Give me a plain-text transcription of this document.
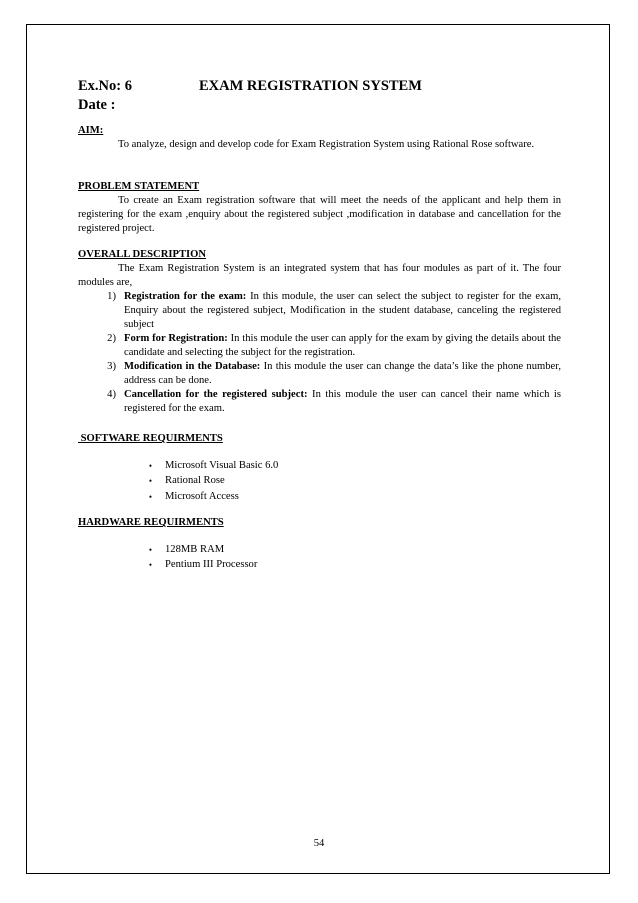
Ex.No: 6	EXAM REGISTRATION SYSTEM
Date :
AIM:
To analyze, design and develop code for Exam Registration System using Rational Rose software.
PROBLEM STATEMENT
To create an Exam registration software that will meet the needs of the applicant and help them in registering for the exam ,enquiry about the registered subject ,modification in database and cancellation for the registered project.
OVERALL DESCRIPTION
The Exam Registration System is an integrated system that has four modules as part of it. The four modules are,
1) Registration for the exam: In this module, the user can select the subject to register for the exam, Enquiry about the registered subject, Modification in the student database, canceling the registered subject
2) Form for Registration: In this module the user can apply for the exam by giving the details about the candidate and selecting the subject for the registration.
3) Modification in the Database: In this module the user can change the data’s like the phone number, address can be done.
4) Cancellation for the registered subject: In this module the user can cancel their name which is registered for the exam.
SOFTWARE REQUIRMENTS
•	Microsoft Visual Basic 6.0
•	Rational Rose
•	Microsoft Access
HARDWARE REQUIRMENTS
•	128MB RAM
•	Pentium III Processor
54
